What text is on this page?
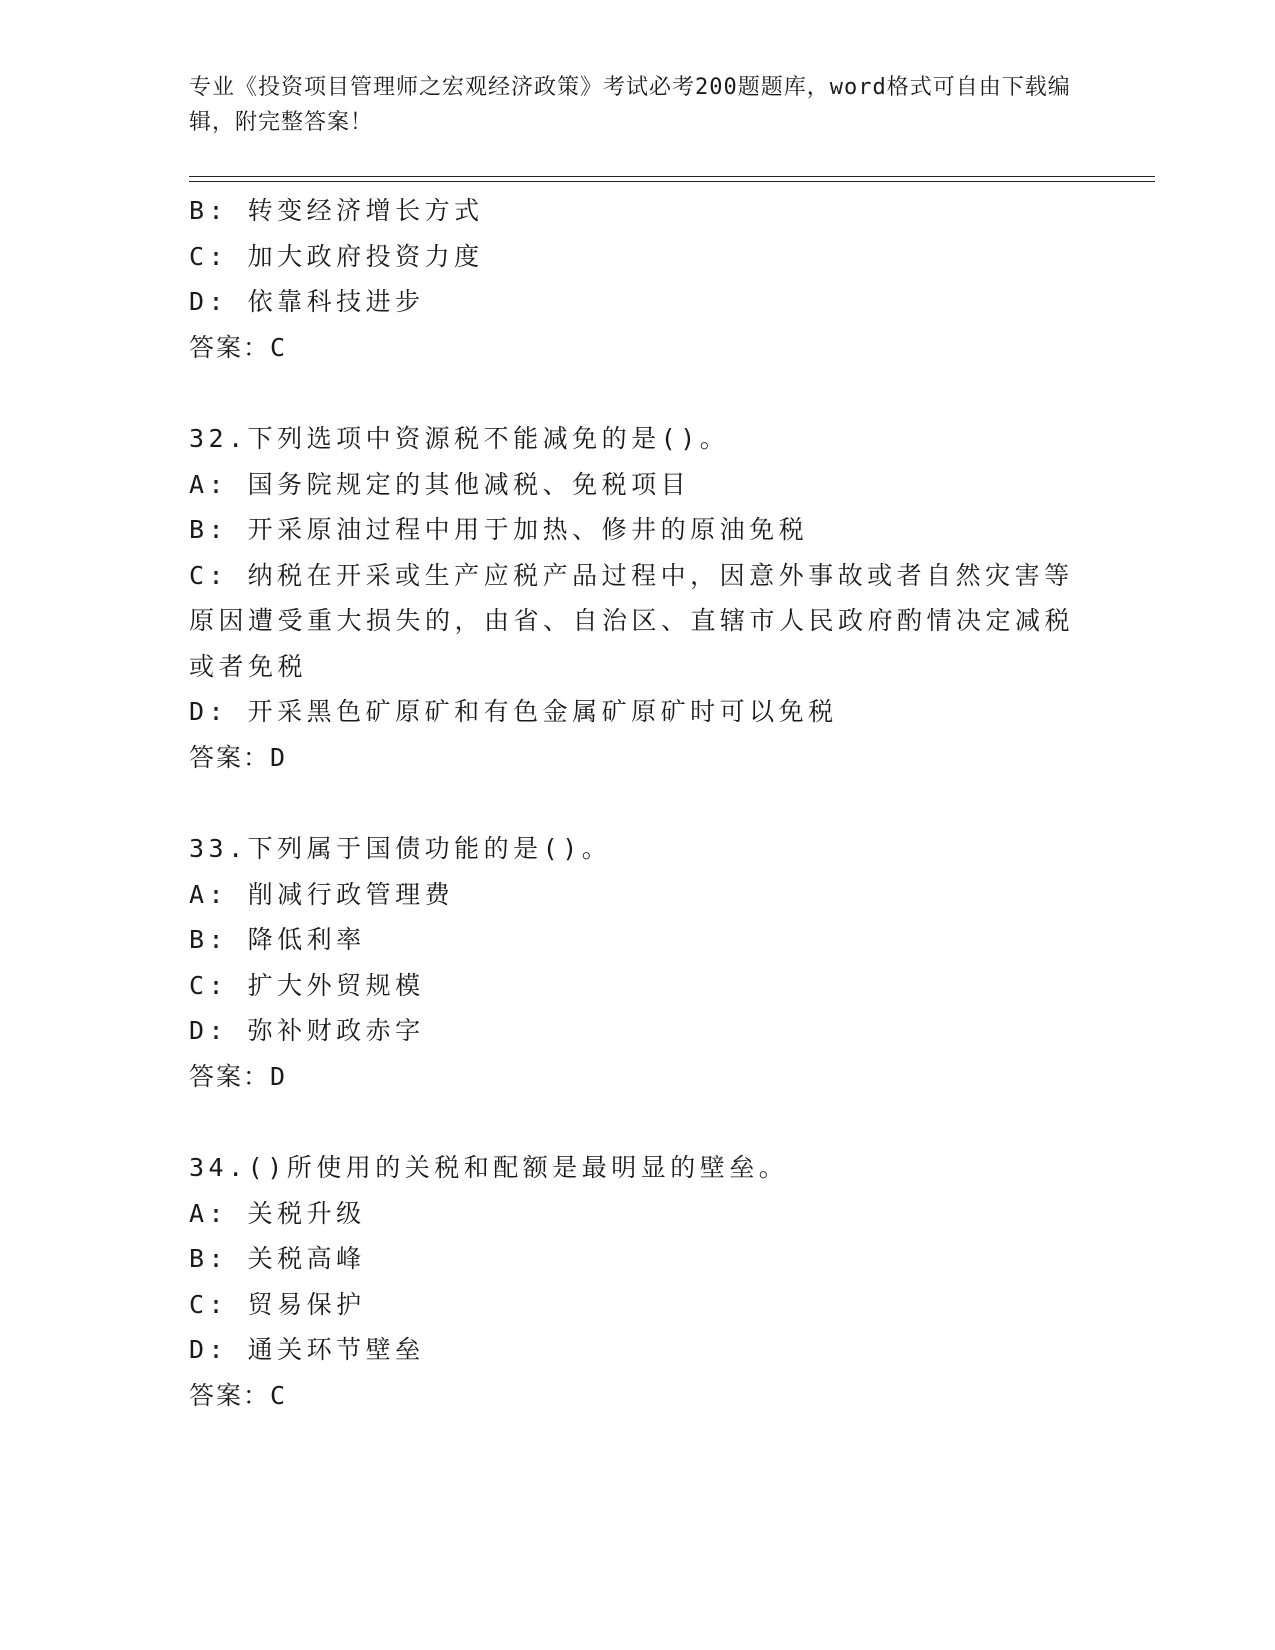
专业《投资项目管理师之宏观经济政策》考试必考200题题库，word格式可自由下载编辑，附完整答案！
B: 转变经济增长方式
C: 加大政府投资力度
D: 依靠科技进步
答案：C
32.下列选项中资源税不能减免的是()。
A: 国务院规定的其他减税、免税项目
B: 开采原油过程中用于加热、修井的原油免税
C: 纳税在开采或生产应税产品过程中，因意外事故或者自然灾害等原因遭受重大损失的，由省、自治区、直辖市人民政府酌情决定减税或者免税
D: 开采黑色矿原矿和有色金属矿原矿时可以免税
答案：D
33.下列属于国债功能的是()。
A: 削减行政管理费
B: 降低利率
C: 扩大外贸规模
D: 弥补财政赤字
答案：D
34.()所使用的关税和配额是最明显的壁垒。
A: 关税升级
B: 关税高峰
C: 贸易保护
D: 通关环节壁垒
答案：C
